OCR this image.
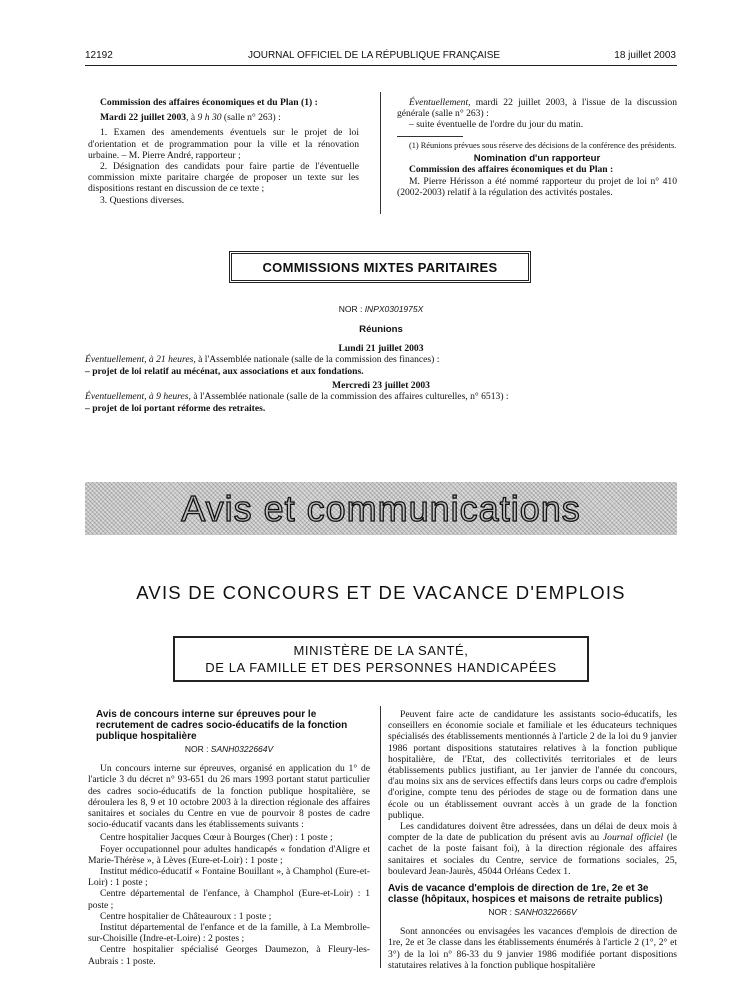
12192	JOURNAL OFFICIEL DE LA RÉPUBLIQUE FRANÇAISE	18 juillet 2003

Commission des affaires économiques et du Plan (1) :

Mardi 22 juillet 2003, à 9 h 30 (salle n° 263) :

1. Examen des amendements éventuels sur le projet de loi d'orientation et de programmation pour la ville et la rénovation urbaine. – M. Pierre André, rapporteur ;

2. Désignation des candidats pour faire partie de l'éventuelle commission mixte paritaire chargée de proposer un texte sur les dispositions restant en discussion de ce texte ;

3. Questions diverses.

Éventuellement, mardi 22 juillet 2003, à l'issue de la discussion générale (salle n° 263) :

– suite éventuelle de l'ordre du jour du matin.

(1) Réunions prévues sous réserve des décisions de la conférence des présidents.

Nomination d'un rapporteur

Commission des affaires économiques et du Plan :

M. Pierre Hérisson a été nommé rapporteur du projet de loi n° 410 (2002-2003) relatif à la régulation des activités postales.

COMMISSIONS MIXTES PARITAIRES

NOR : INPX0301975X

Réunions

Lundi 21 juillet 2003

Éventuellement, à 21 heures, à l'Assemblée nationale (salle de la commission des finances) :

– projet de loi relatif au mécénat, aux associations et aux fondations.

Mercredi 23 juillet 2003

Éventuellement, à 9 heures, à l'Assemblée nationale (salle de la commission des affaires culturelles, n° 6513) :

– projet de loi portant réforme des retraites.

Avis et communications
AVIS DE CONCOURS ET DE VACANCE D'EMPLOIS
MINISTÈRE DE LA SANTÉ,
DE LA FAMILLE ET DES PERSONNES HANDICAPÉES

Avis de concours interne sur épreuves pour le recrutement de cadres socio-éducatifs de la fonction publique hospitalière

NOR : SANH0322664V

Un concours interne sur épreuves, organisé en application du 1° de l'article 3 du décret n° 93-651 du 26 mars 1993 portant statut particulier des cadres socio-éducatifs de la fonction publique hospitalière, se déroulera les 8, 9 et 10 octobre 2003 à la direction régionale des affaires sanitaires et sociales du Centre en vue de pourvoir 8 postes de cadre socio-éducatif vacants dans les établissements suivants :

Centre hospitalier Jacques Cœur à Bourges (Cher) : 1 poste ;

Foyer occupationnel pour adultes handicapés « fondation d'Aligre et Marie-Thérèse », à Lèves (Eure-et-Loir) : 1 poste ;

Institut médico-éducatif « Fontaine Bouillant », à Champhol (Eure-et-Loir) : 1 poste ;

Centre départemental de l'enfance, à Champhol (Eure-et-Loir) : 1 poste ;

Centre hospitalier de Châteauroux : 1 poste ;

Institut départemental de l'enfance et de la famille, à La Membrolle-sur-Choisille (Indre-et-Loire) : 2 postes ;

Centre hospitalier spécialisé Georges Daumezon, à Fleury-les-Aubrais : 1 poste.

Peuvent faire acte de candidature les assistants socio-éducatifs, les conseillers en économie sociale et familiale et les éducateurs techniques spécialisés des établissements mentionnés à l'article 2 de la loi du 9 janvier 1986 portant dispositions statutaires relatives à la fonction publique hospitalière, de l'Etat, des collectivités territoriales et de leurs établissements publics justifiant, au 1er janvier de l'année du concours, d'au moins six ans de services effectifs dans leurs corps ou cadre d'emplois d'origine, compte tenu des périodes de stage ou de formation dans une école ou un établissement ouvrant accès à un grade de la fonction publique.

Les candidatures doivent être adressées, dans un délai de deux mois à compter de la date de publication du présent avis au Journal officiel (le cachet de la poste faisant foi), à la direction régionale des affaires sanitaires et sociales du Centre, service de formations sociales, 25, boulevard Jean-Jaurès, 45044 Orléans Cedex 1.

Avis de vacance d'emplois de direction de 1re, 2e et 3e classe (hôpitaux, hospices et maisons de retraite publics)

NOR : SANH0322666V

Sont annoncées ou envisagées les vacances d'emplois de direction de 1re, 2e et 3e classe dans les établissements énumérés à l'article 2 (1°, 2° et 3°) de la loi n° 86-33 du 9 janvier 1986 modifiée portant dispositions statutaires relatives à la fonction publique hospitalière
